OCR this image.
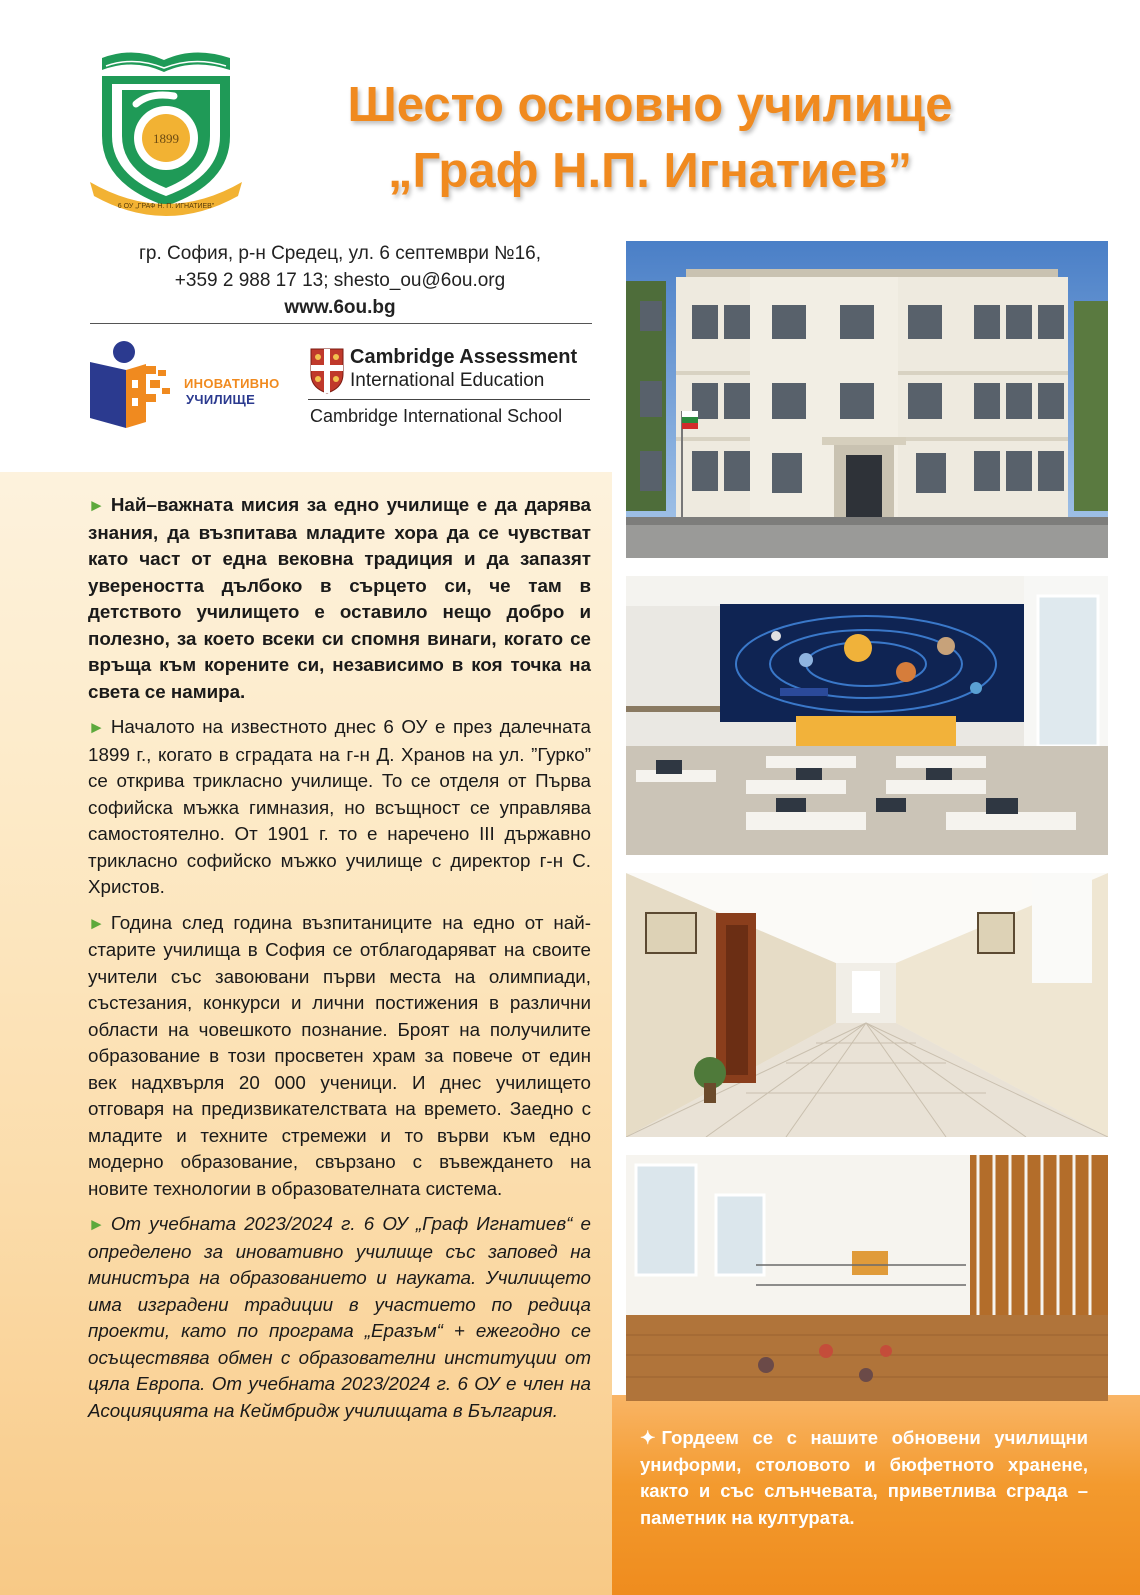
1899
6 ОУ „ГРАФ Н. П. ИГНАТИЕВ”
Шесто основно училище

„Граф Н.П. Игнатиев”
гр. София, р-н Средец, ул. 6 септември №16,
+359 2 988 17 13; shesto_ou@6ou.org
www.6ou.bg
ИНОВАТИВНО
УЧИЛИЩЕ
Cambridge Assessment
International Education
Cambridge International School

► Най–важната мисия за едно училище е да дарява знания, да възпитава младите хора да се чувстват като част от една вековна традиция и да запазят увереността дълбоко в сърцето си, че там в детството училището е оставило нещо добро и полезно, за което всеки си спомня винаги, когато се връща към корените си, независимо в коя точка на света се намира.

► Началото на известното днес 6 ОУ е през далечната 1899 г., когато в сградата на г-н Д. Хранов на ул. ”Гурко” се открива трикласно училище. То се отделя от Първа софийска мъжка гимназия, но всъщност се управлява самостоятелно. От 1901 г. то е наречено III държавно трикласно софийско мъжко училище с директор г-н С. Христов.

► Година след година възпитаниците на едно от най-старите училища в София се отблагодаряват на своите учители със завоювани първи места на олимпиади, състезания, конкурси и лични постижения в различни области на човешкото познание. Броят на получилите образование в този просветен храм за повече от един век надхвърля 20 000 ученици. И днес училището отговаря на предизвикателствата на времето. Заедно с младите и техните стремежи и то върви към едно модерно образование, свързано с въвеждането на новите технологии в образователната система.

► От учебната 2023/2024 г. 6 ОУ „Граф Игнатиев“ е определено за иновативно училище със заповед на министъра на образованието и науката. Училището има изградени традиции в участието по редица проекти, като по програма „Еразъм“ + ежегодно се осъществява обмен с образователни институции от цяла Европа. От учебната 2023/2024 г. 6 ОУ е член на Асоцияцията на Кеймбридж училищата в България.

✦ Гордеем се с нашите обновени училищни униформи, столовото и бюфетното хранене, както и със слънчевата, приветлива сграда – паметник на културата.
